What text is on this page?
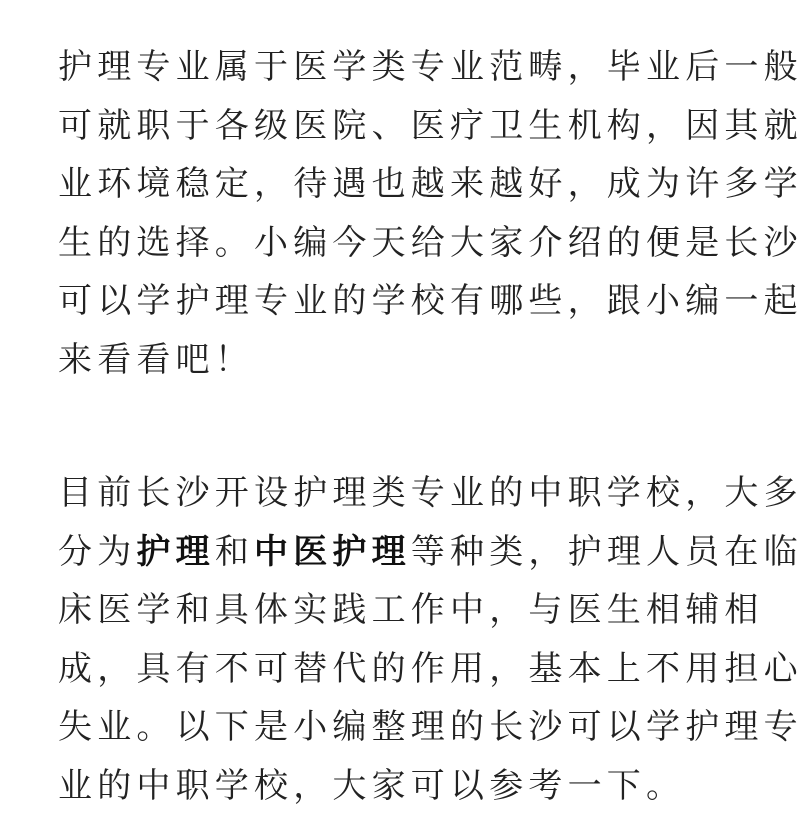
护理专业属于医学类专业范畴，毕业后一般
可就职于各级医院、医疗卫生机构，因其就
业环境稳定，待遇也越来越好，成为许多学
生的选择。小编今天给大家介绍的便是长沙
可以学护理专业的学校有哪些，跟小编一起
来看看吧！

目前长沙开设护理类专业的中职学校，大多
分为护理和中医护理等种类，护理人员在临
床医学和具体实践工作中，与医生相辅相
成，具有不可替代的作用，基本上不用担心
失业。以下是小编整理的长沙可以学护理专
业的中职学校，大家可以参考一下。
